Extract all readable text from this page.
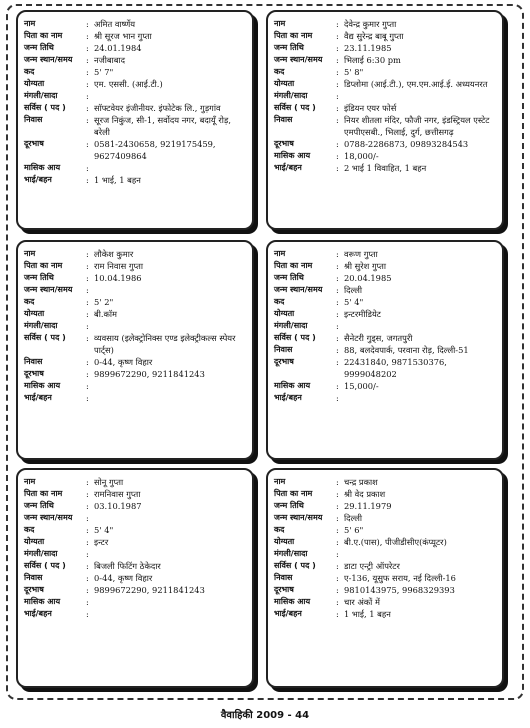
नाम	: अमित वार्ष्णेय
पिता का नाम	: श्री सूरज भान गुप्ता
जन्म तिथि	: 24.01.1984
जन्म स्थान/समय	: नजीबाबाद
कद	: 5' 7"
योग्यता	: एम. एससी. (आई.टी.)
मंगली/सादा	:
सर्विस ( पद )	: सॉफ्टवेयर इंजीनीयर. इंफोटेक लि., गुड़गांव
निवास	: सूरज निकुंज, सी-1, सर्वोदय नगर, बदायूँ रोड़, बरेली
दूरभाष	: 0581-2430658, 9219175459, 9627409864
मासिक आय	:
भाई/बहन	: 1 भाई, 1 बहन
नाम	: देवेन्द्र कुमार गुप्ता
पिता का नाम	: वैद्य सुरेन्द्र बाबू गुप्ता
जन्म तिथि	: 23.11.1985
जन्म स्थान/समय	: भिलाई 6:30 pm
कद	: 5' 8"
योग्यता	: डिप्लोमा (आई.टी.), एम.एम.आई.ई. अध्ययनरत
मंगली/सादा	:
सर्विस ( पद )	: इंडियन एयर फोर्स
निवास	: नियर शीतला मंदिर, फौजी नगर, इंडस्ट्रियल एस्टेट एमपीएसबी., भिलाई, दुर्ग, छत्तीसगढ़
दूरभाष	: 0788-2286873, 09893284543
मासिक आय	: 18,000/-
भाई/बहन	: 2 भाई 1 विवाहित, 1 बहन
नाम	: लौकेश कुमार
पिता का नाम	: राम निवास गुप्ता
जन्म तिथि	: 10.04.1986
जन्म स्थान/समय	:
कद	: 5' 2"
योग्यता	: बी.कॉम
मंगली/सादा	:
सर्विस ( पद )	: व्यवसाय (इलेक्ट्रोनिक्स एण्ड इलेक्ट्रीकल्स स्पेयर पार्ट्स)
निवास	: 0-44, कृष्ण विहार
दूरभाष	: 9899672290, 9211841243
मासिक आय	:
भाई/बहन	:
नाम	: वरूण गुप्ता
पिता का नाम	: श्री सुरेश गुप्ता
जन्म तिथि	: 20.04.1985
जन्म स्थान/समय	: दिल्ली
कद	: 5' 4"
योग्यता	: इन्टरमीडियेट
मंगली/सादा	:
सर्विस ( पद )	: सैनेटरी गुड्स, जगतपुरी
निवास	: 88, बलदेवपार्क, परवाना रोड़, दिल्ली-51
दूरभाष	: 22431840, 9871530376, 9999048202
मासिक आय	: 15,000/-
भाई/बहन	:
नाम	: सोनू गुप्ता
पिता का नाम	: रामनिवास गुप्ता
जन्म तिथि	: 03.10.1987
जन्म स्थान/समय	:
कद	: 5' 4"
योग्यता	: इन्टर
मंगली/सादा	:
सर्विस ( पद )	: बिजली फिटिंग ठेकेदार
निवास	: 0-44, कृष्ण विहार
दूरभाष	: 9899672290, 9211841243
मासिक आय	:
भाई/बहन	:
नाम	: चन्द्र प्रकाश
पिता का नाम	: श्री वेद प्रकाश
जन्म तिथि	: 29.11.1979
जन्म स्थान/समय	: दिल्ली
कद	: 5' 6"
योग्यता	: बी.ए.(पास), पीजीडीसीए(कंप्यूटर)
मंगली/सादा	:
सर्विस ( पद )	: डाटा एन्ट्री ऑपरेटर
निवास	: ए-136, यूसुफ सराय, नई दिल्ली-16
दूरभाष	: 9810143975, 9968329393
मासिक आय	: चार अंकों में
भाई/बहन	: 1 भाई, 1 बहन
वैवाहिकी 2009 - 44
